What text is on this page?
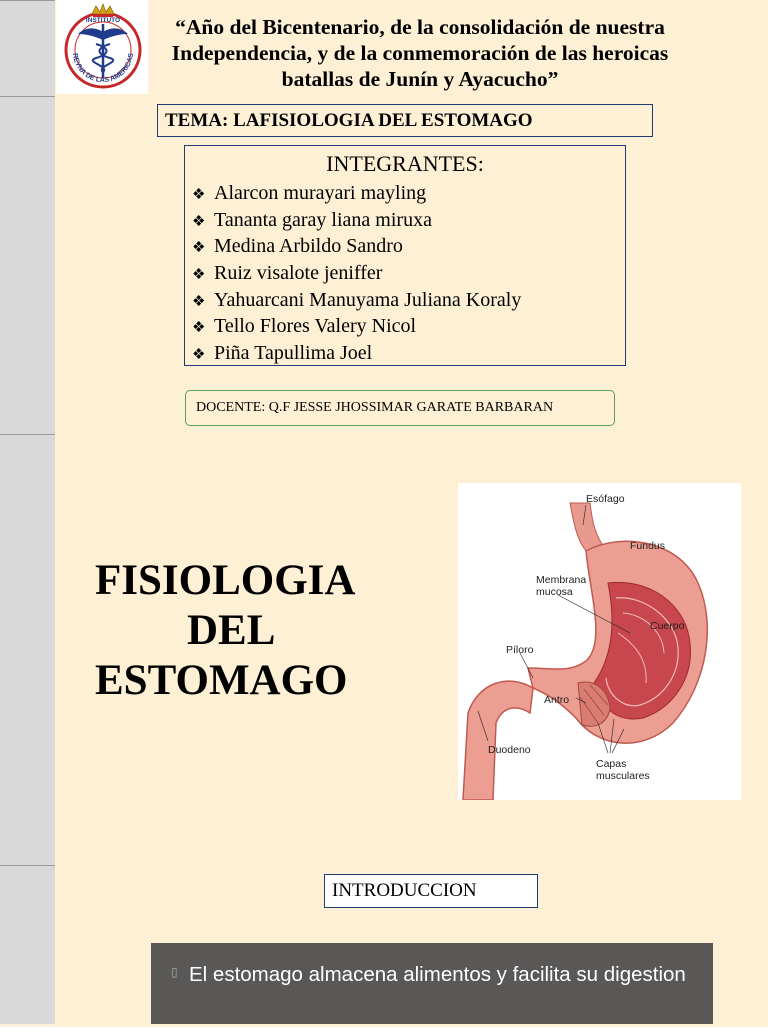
INSTITUTO
REYNA DE LAS AMERICAS
“Año del Bicentenario, de la consolidación de nuestra Independencia, y de la conmemoración de las heroicas batallas de Junín y Ayacucho”
TEMA: LAFISIOLOGIA DEL ESTOMAGO
INTEGRANTES:
❖ Alarcon murayari mayling
❖ Tananta garay liana miruxa
❖ Medina Arbildo Sandro
❖ Ruiz visalote jeniffer
❖ Yahuarcani Manuyama Juliana Koraly
❖ Tello Flores Valery Nicol
❖ Piña Tapullima Joel
DOCENTE: Q.F JESSE JHOSSIMAR GARATE BARBARAN
FISIOLOGIA
DEL
ESTOMAGO
Esófago
Fundus
Membrana
mucosa
Cuerpo
Píloro
Antro
Duodeno
Capas
musculares
INTRODUCCION
▯ El estomago almacena alimentos y facilita su digestion
